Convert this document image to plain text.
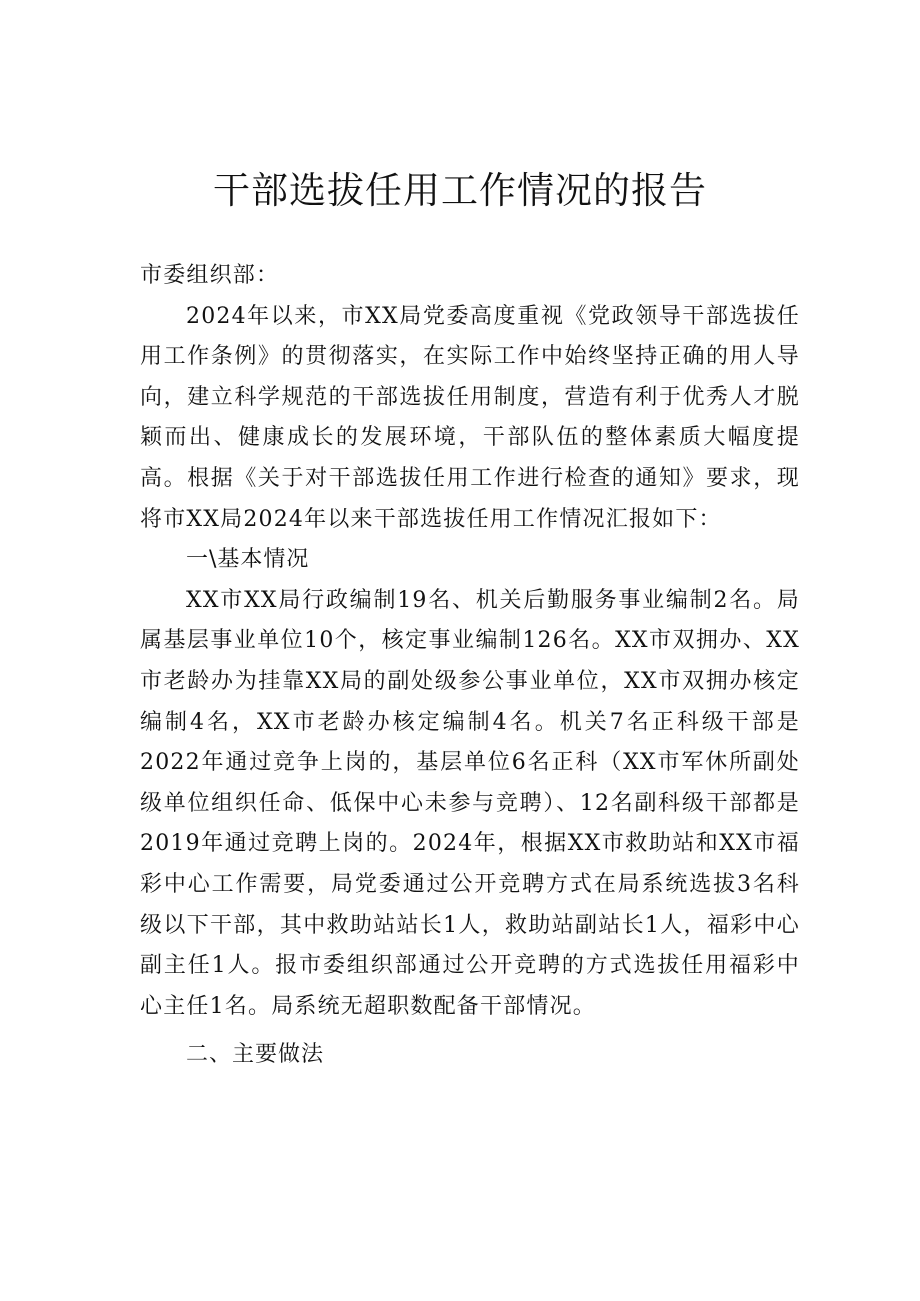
干部选拔任用工作情况的报告

市委组织部：

2024年以来，市XX局党委高度重视《党政领导干部选拔任用工作条例》的贯彻落实，在实际工作中始终坚持正确的用人导向，建立科学规范的干部选拔任用制度，营造有利于优秀人才脱颖而出、健康成长的发展环境，干部队伍的整体素质大幅度提高。根据《关于对干部选拔任用工作进行检查的通知》要求，现将市XX局2024年以来干部选拔任用工作情况汇报如下：

一\基本情况

XX市XX局行政编制19名、机关后勤服务事业编制2名。局属基层事业单位10个，核定事业编制126名。XX市双拥办、XX市老龄办为挂靠XX局的副处级参公事业单位，XX市双拥办核定编制4名，XX市老龄办核定编制4名。机关7名正科级干部是2022年通过竞争上岗的，基层单位6名正科（XX市军休所副处级单位组织任命、低保中心未参与竞聘）、12名副科级干部都是2019年通过竞聘上岗的。2024年，根据XX市救助站和XX市福彩中心工作需要，局党委通过公开竞聘方式在局系统选拔3名科级以下干部，其中救助站站长1人，救助站副站长1人，福彩中心副主任1人。报市委组织部通过公开竞聘的方式选拔任用福彩中心主任1名。局系统无超职数配备干部情况。

二、主要做法
